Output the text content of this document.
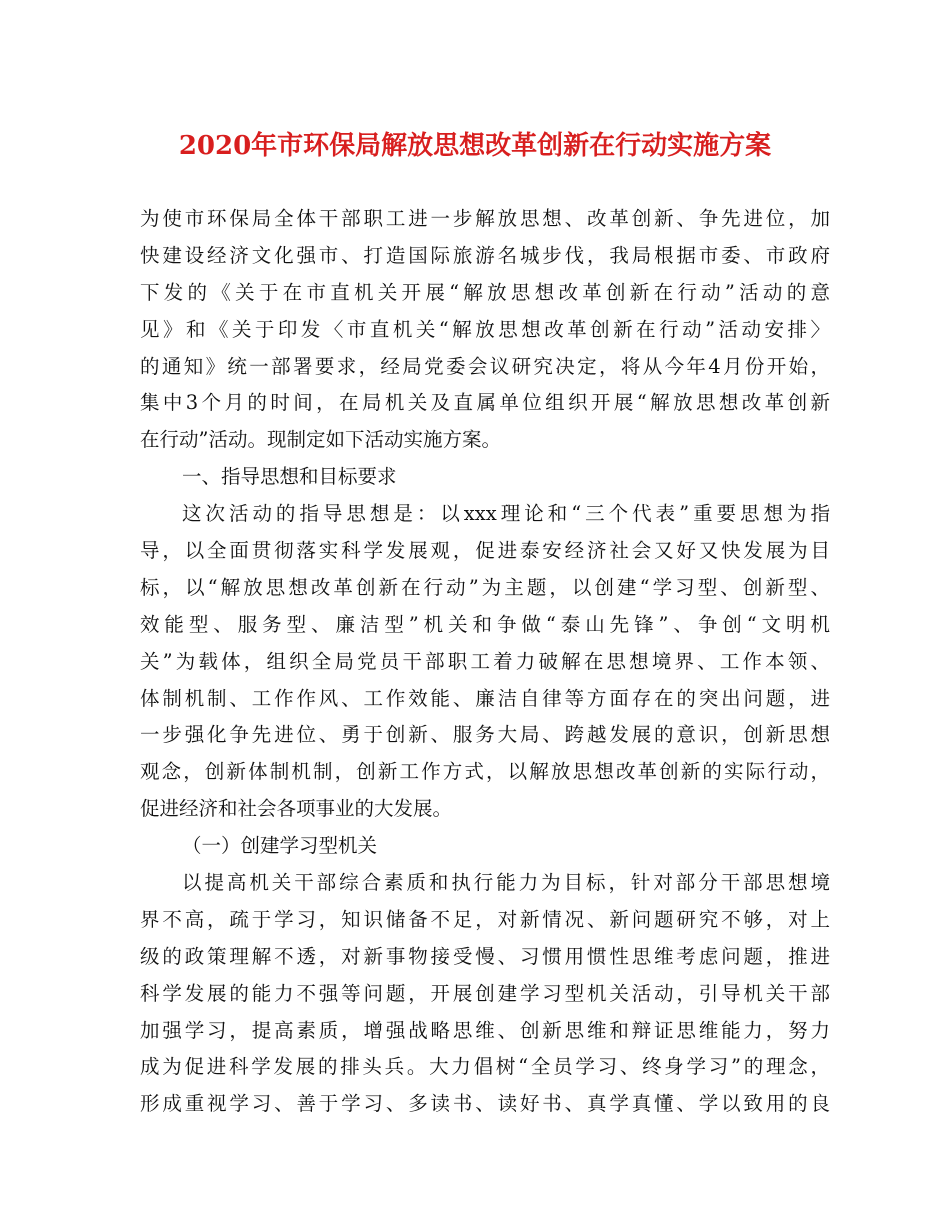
2020年市环保局解放思想改革创新在行动实施方案
为使市环保局全体干部职工进一步解放思想、改革创新、争先进位，加
快建设经济文化强市、打造国际旅游名城步伐，我局根据市委、市政府
下发的《关于在市直机关开展“解放思想改革创新在行动”活动的意
见》和《关于印发〈市直机关“解放思想改革创新在行动”活动安排〉
的通知》统一部署要求，经局党委会议研究决定，将从今年4月份开始，
集中3个月的时间，在局机关及直属单位组织开展“解放思想改革创新
在行动”活动。现制定如下活动实施方案。
一、指导思想和目标要求
这次活动的指导思想是：以xxx理论和“三个代表”重要思想为指
导，以全面贯彻落实科学发展观，促进泰安经济社会又好又快发展为目
标，以“解放思想改革创新在行动”为主题，以创建“学习型、创新型、
效能型、服务型、廉洁型”机关和争做“泰山先锋”、争创“文明机
关”为载体，组织全局党员干部职工着力破解在思想境界、工作本领、
体制机制、工作作风、工作效能、廉洁自律等方面存在的突出问题，进
一步强化争先进位、勇于创新、服务大局、跨越发展的意识，创新思想
观念，创新体制机制，创新工作方式，以解放思想改革创新的实际行动，
促进经济和社会各项事业的大发展。
（一）创建学习型机关
以提高机关干部综合素质和执行能力为目标，针对部分干部思想境
界不高，疏于学习，知识储备不足，对新情况、新问题研究不够，对上
级的政策理解不透，对新事物接受慢、习惯用惯性思维考虑问题，推进
科学发展的能力不强等问题，开展创建学习型机关活动，引导机关干部
加强学习，提高素质，增强战略思维、创新思维和辩证思维能力，努力
成为促进科学发展的排头兵。大力倡树“全员学习、终身学习”的理念，
形成重视学习、善于学习、多读书、读好书、真学真懂、学以致用的良
